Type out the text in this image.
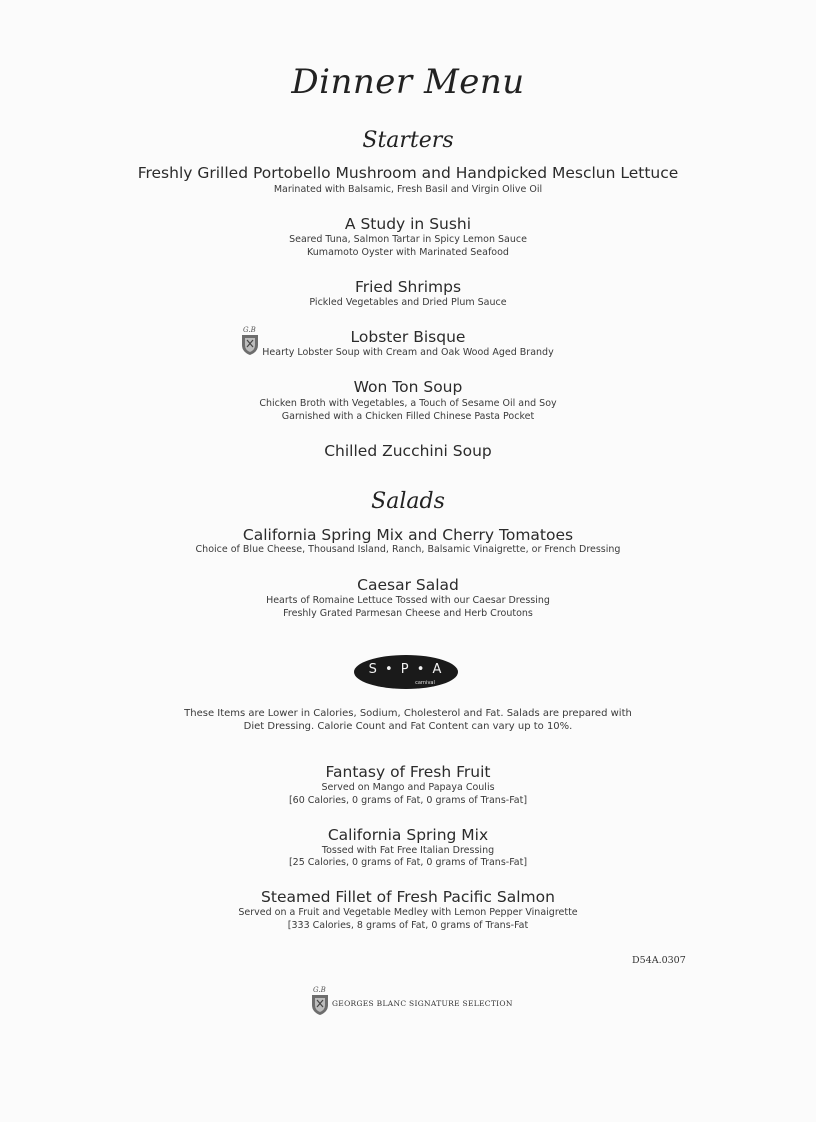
Dinner Menu
Starters
Freshly Grilled Portobello Mushroom and Handpicked Mesclun Lettuce
Marinated with Balsamic, Fresh Basil and Virgin Olive Oil
A Study in Sushi
Seared Tuna, Salmon Tartar in Spicy Lemon Sauce
Kumamoto Oyster with Marinated Seafood
Fried Shrimps
Pickled Vegetables and Dried Plum Sauce
G.B	Lobster Bisque
Hearty Lobster Soup with Cream and Oak Wood Aged Brandy
Won Ton Soup
Chicken Broth with Vegetables, a Touch of Sesame Oil and Soy
Garnished with a Chicken Filled Chinese Pasta Pocket
Chilled Zucchini Soup
Salads
California Spring Mix and Cherry Tomatoes
Choice of Blue Cheese, Thousand Island, Ranch, Balsamic Vinaigrette, or French Dressing
Caesar Salad
Hearts of Romaine Lettuce Tossed with our Caesar Dressing
Freshly Grated Parmesan Cheese and Herb Croutons
S • P • A
carnival
These Items are Lower in Calories, Sodium, Cholesterol and Fat. Salads are prepared with
Diet Dressing. Calorie Count and Fat Content can vary up to 10%.
Fantasy of Fresh Fruit
Served on Mango and Papaya Coulis
[60 Calories, 0 grams of Fat, 0 grams of Trans-Fat]
California Spring Mix
Tossed with Fat Free Italian Dressing
[25 Calories, 0 grams of Fat, 0 grams of Trans-Fat]
Steamed Fillet of Fresh Pacific Salmon
Served on a Fruit and Vegetable Medley with Lemon Pepper Vinaigrette
[333 Calories, 8 grams of Fat, 0 grams of Trans-Fat
D54A.0307
G.B
GEORGES BLANC SIGNATURE SELECTION
